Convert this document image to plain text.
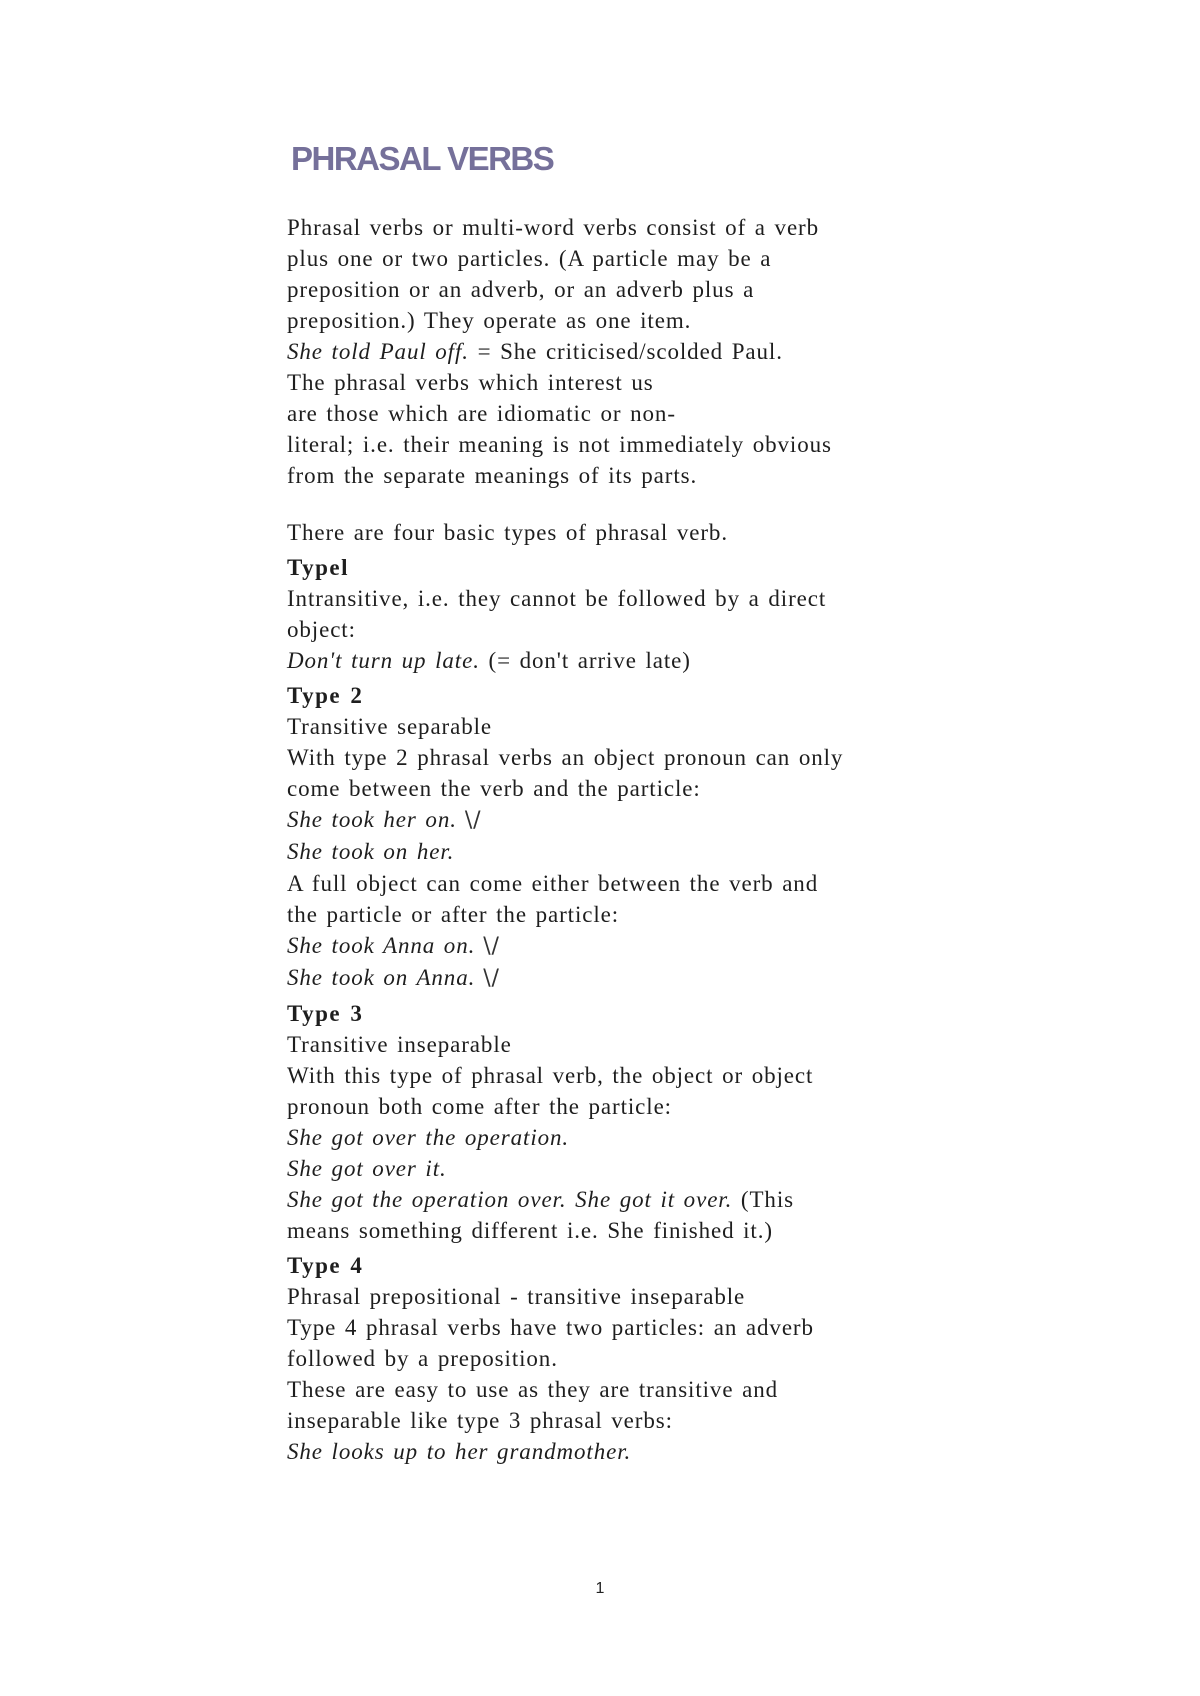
PHRASAL VERBS
Phrasal verbs or multi-word verbs consist of a verb
plus one or two particles. (A particle may be a
preposition or an adverb, or an adverb plus a
preposition.) They operate as one item.
She told Paul off. = She criticised/scolded Paul.
The phrasal verbs which interest us
are those which are idiomatic or non-
literal; i.e. their meaning is not immediately obvious
from the separate meanings of its parts.
There are four basic types of phrasal verb.
Typel
Intransitive, i.e. they cannot be followed by a direct
object:
Don't turn up late. (= don't arrive late)
Type 2
Transitive separable
With type 2 phrasal verbs an object pronoun can only
come between the verb and the particle:
She took her on. \/
She took on her.
A full object can come either between the verb and
the particle or after the particle:
She took Anna on. \/
She took on Anna. \/
Type 3
Transitive inseparable
With this type of phrasal verb, the object or object
pronoun both come after the particle:
She got over the operation.
She got over it.
She got the operation over. She got it over. (This
means something different i.e. She finished it.)
Type 4
Phrasal prepositional - transitive inseparable
Type 4 phrasal verbs have two particles: an adverb
followed by a preposition.
These are easy to use as they are transitive and
inseparable like type 3 phrasal verbs:
She looks up to her grandmother.
1
